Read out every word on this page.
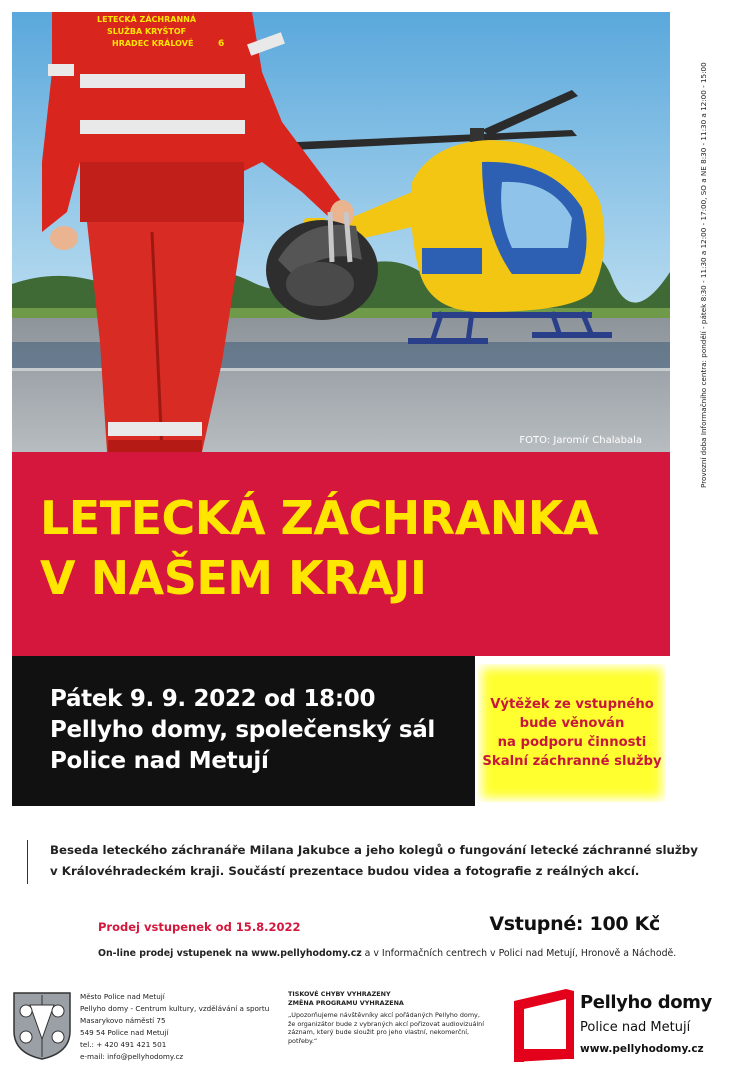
LETECKÁ ZÁCHRANNÁ
SLUŽBA KRYŠTOF
HRADEC KRÁLOVÉ	6
FOTO: Jaromír Chalabala	Provozní doba Informačního centra: pondělí - pátek 8:30 - 11:30 a 12:00 - 17:00, SO a NE 8:30 - 11:30 a 12:00 - 15:00
LETECKÁ ZÁCHRANKA
V NAŠEM KRAJI
Pátek 9. 9. 2022 od 18:00
Pellyho domy, společenský sál
Police nad Metují
Výtěžek ze vstupného
bude věnován
na podporu činnosti
Skalní záchranné služby
Beseda leteckého záchranáře Milana Jakubce a jeho kolegů o fungování letecké záchranné služby
v Královéhradeckém kraji. Součástí prezentace budou videa a fotografie z reálných akcí.
Prodej vstupenek od 15.8.2022	Vstupné: 100 Kč
On-line prodej vstupenek na www.pellyhodomy.cz a v Informačních centrech v Polici nad Metují, Hronově a Náchodě.
Město Police nad Metují
Pellyho domy - Centrum kultury, vzdělávání a sportu
Masarykovo náměstí 75
549 54 Police nad Metují
tel.: + 420 491 421 501
e-mail: info@pellyhodomy.cz
TISKOVÉ CHYBY VYHRAZENY
ZMĚNA PROGRAMU VYHRAZENA
„Upozorňujeme návštěvníky akcí pořádaných Pellyho domy,
že organizátor bude z vybraných akcí pořizovat audiovizuální
záznam, který bude sloužit pro jeho vlastní, nekomerční,
potřeby.“
Pellyho domy
Police nad Metují
www.pellyhodomy.cz
